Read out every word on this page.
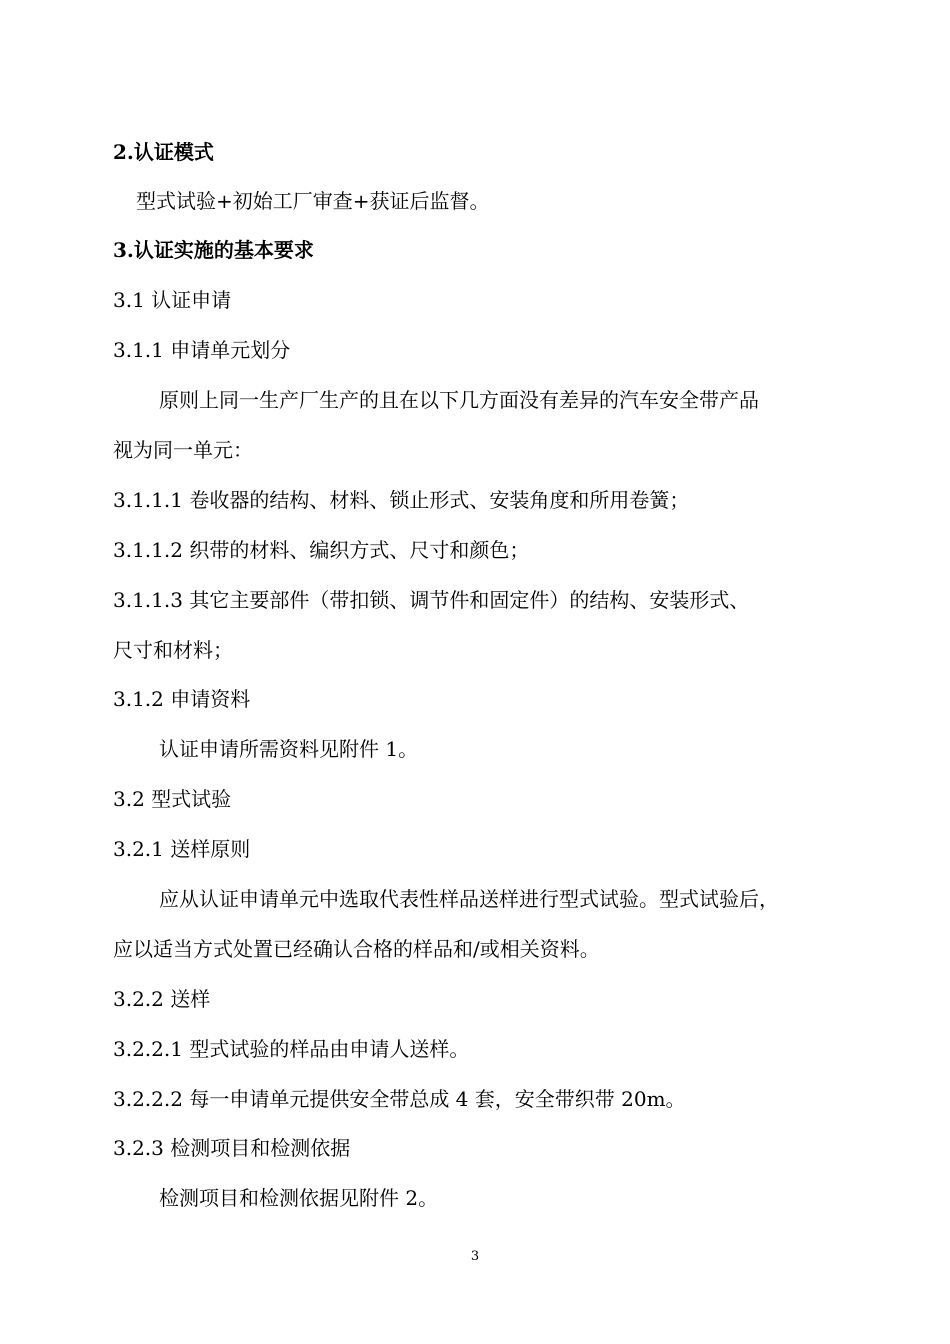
2.认证模式
型式试验+初始工厂审查+获证后监督。
3.认证实施的基本要求
3.1 认证申请
3.1.1 申请单元划分
原则上同一生产厂生产的且在以下几方面没有差异的汽车安全带产品
视为同一单元：
3.1.1.1 卷收器的结构、材料、锁止形式、安装角度和所用卷簧；
3.1.1.2 织带的材料、编织方式、尺寸和颜色；
3.1.1.3 其它主要部件（带扣锁、调节件和固定件）的结构、安装形式、
尺寸和材料；
3.1.2 申请资料
认证申请所需资料见附件 1。
3.2 型式试验
3.2.1 送样原则
应从认证申请单元中选取代表性样品送样进行型式试验。型式试验后，
应以适当方式处置已经确认合格的样品和/或相关资料。
3.2.2 送样
3.2.2.1 型式试验的样品由申请人送样。
3.2.2.2 每一申请单元提供安全带总成 4 套，安全带织带 20m。
3.2.3 检测项目和检测依据
检测项目和检测依据见附件 2。
3
